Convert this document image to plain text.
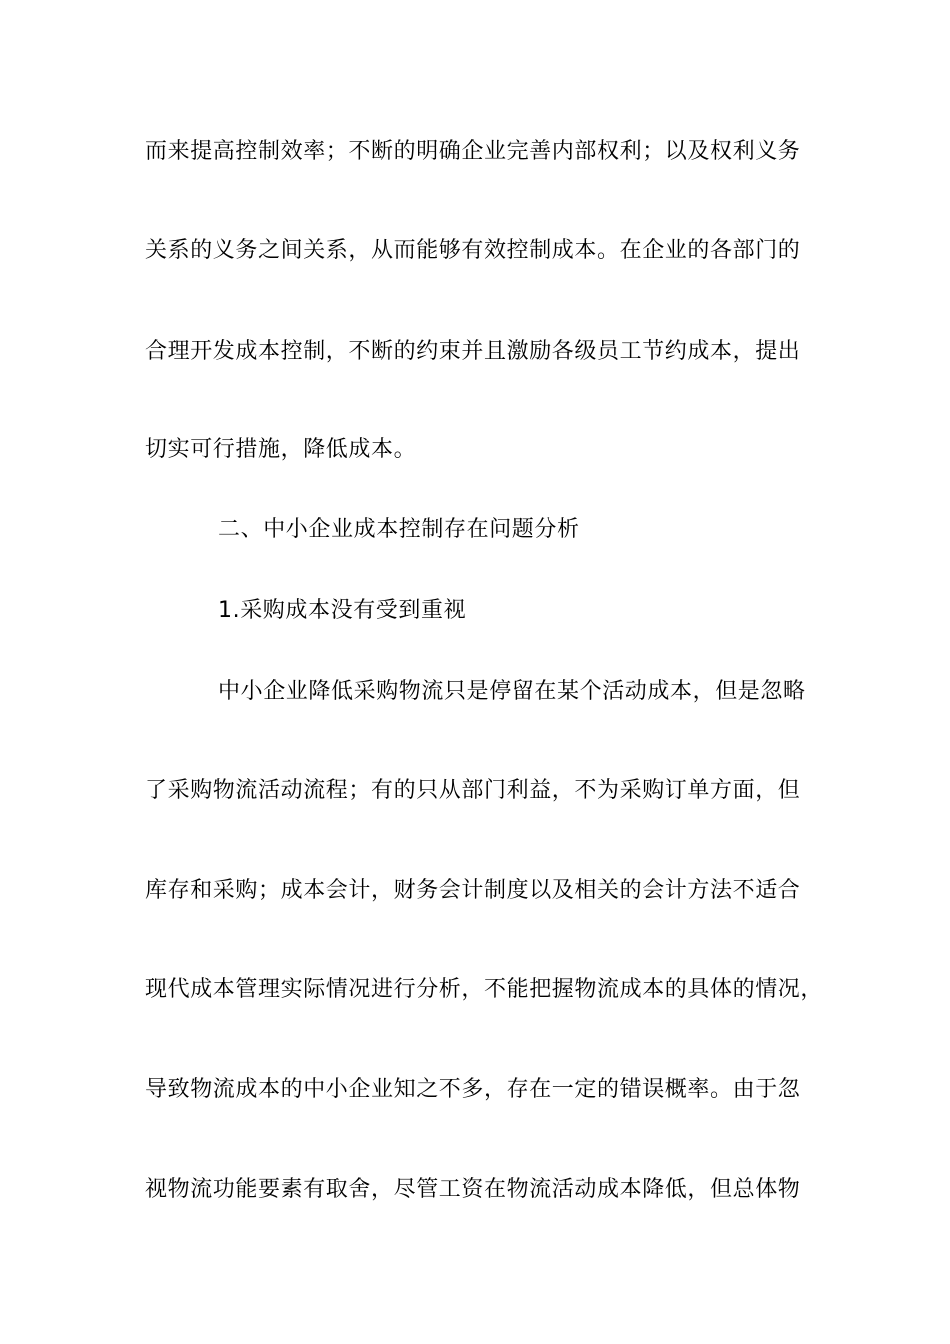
而来提高控制效率；不断的明确企业完善内部权利；以及权利义务
关系的义务之间关系，从而能够有效控制成本。在企业的各部门的
合理开发成本控制，不断的约束并且激励各级员工节约成本，提出
切实可行措施，降低成本。
二、中小企业成本控制存在问题分析
1.采购成本没有受到重视
中小企业降低采购物流只是停留在某个活动成本，但是忽略
了采购物流活动流程；有的只从部门利益，不为采购订单方面，但
库存和采购；成本会计，财务会计制度以及相关的会计方法不适合
现代成本管理实际情况进行分析，不能把握物流成本的具体的情况，
导致物流成本的中小企业知之不多，存在一定的错误概率。由于忽
视物流功能要素有取舍，尽管工资在物流活动成本降低，但总体物
